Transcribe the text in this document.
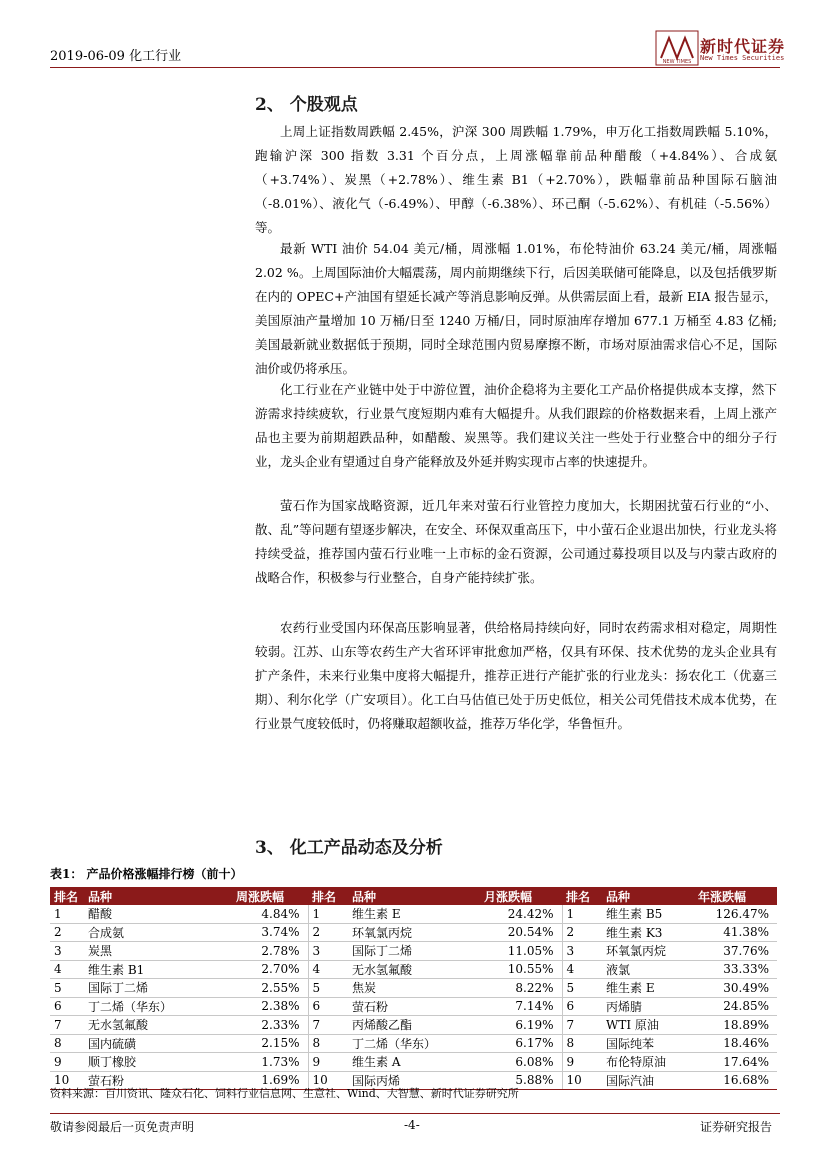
2019-06-09 化工行业	NEW TIMES
新时代证券
New Times Securities
2、 个股观点
上周上证指数周跌幅 2.45%，沪深 300 周跌幅 1.79%，申万化工指数周跌幅 5.10%，跑输沪深 300 指数 3.31 个百分点，上周涨幅靠前品种醋酸（+4.84%）、合成氨（+3.74%）、炭黑（+2.78%）、维生素 B1（+2.70%），跌幅靠前品种国际石脑油（-8.01%）、液化气（-6.49%）、甲醇（-6.38%）、环己酮（-5.62%）、有机硅（-5.56%）等。
最新 WTI 油价 54.04 美元/桶，周涨幅 1.01%，布伦特油价 63.24 美元/桶，周涨幅 2.02 %。上周国际油价大幅震荡，周内前期继续下行，后因美联储可能降息，以及包括俄罗斯在内的 OPEC+产油国有望延长减产等消息影响反弹。从供需层面上看，最新 EIA 报告显示，美国原油产量增加 10 万桶/日至 1240 万桶/日，同时原油库存增加 677.1 万桶至 4.83 亿桶; 美国最新就业数据低于预期，同时全球范围内贸易摩擦不断，市场对原油需求信心不足，国际油价或仍将承压。
化工行业在产业链中处于中游位置，油价企稳将为主要化工产品价格提供成本支撑，然下游需求持续疲软，行业景气度短期内难有大幅提升。从我们跟踪的价格数据来看，上周上涨产品也主要为前期超跌品种，如醋酸、炭黑等。我们建议关注一些处于行业整合中的细分子行业，龙头企业有望通过自身产能释放及外延并购实现市占率的快速提升。
萤石作为国家战略资源，近几年来对萤石行业管控力度加大，长期困扰萤石行业的“小、散、乱”等问题有望逐步解决，在安全、环保双重高压下，中小萤石企业退出加快，行业龙头将持续受益，推荐国内萤石行业唯一上市标的金石资源，公司通过募投项目以及与内蒙古政府的战略合作，积极参与行业整合，自身产能持续扩张。
农药行业受国内环保高压影响显著，供给格局持续向好，同时农药需求相对稳定，周期性较弱。江苏、山东等农药生产大省环评审批愈加严格，仅具有环保、技术优势的龙头企业具有扩产条件，未来行业集中度将大幅提升，推荐正进行产能扩张的行业龙头：扬农化工（优嘉三期）、利尔化学（广安项目）。化工白马估值已处于历史低位，相关公司凭借技术成本优势，在行业景气度较低时，仍将赚取超额收益，推荐万华化学，华鲁恒升。
3、 化工产品动态及分析
表1： 产品价格涨幅排行榜（前十）
排名	品种	周涨跌幅	排名	品种	月涨跌幅	排名	品种	年涨跌幅
1	醋酸	4.84%	1	维生素 E	24.42%	1	维生素 B5	126.47%
2	合成氨	3.74%	2	环氧氯丙烷	20.54%	2	维生素 K3	41.38%
3	炭黑	2.78%	3	国际丁二烯	11.05%	3	环氧氯丙烷	37.76%
4	维生素 B1	2.70%	4	无水氢氟酸	10.55%	4	液氯	33.33%
5	国际丁二烯	2.55%	5	焦炭	8.22%	5	维生素 E	30.49%
6	丁二烯（华东）	2.38%	6	萤石粉	7.14%	6	丙烯腈	24.85%
7	无水氢氟酸	2.33%	7	丙烯酸乙酯	6.19%	7	WTI 原油	18.89%
8	国内硫磺	2.15%	8	丁二烯（华东）	6.17%	8	国际纯苯	18.46%
9	顺丁橡胶	1.73%	9	维生素 A	6.08%	9	布伦特原油	17.64%
10	萤石粉	1.69%	10	国际丙烯	5.88%	10	国际汽油	16.68%
资料来源：百川资讯、隆众石化、饲料行业信息网、生意社、Wind、大智慧、新时代证券研究所
敬请参阅最后一页免责声明	-4-	证券研究报告
